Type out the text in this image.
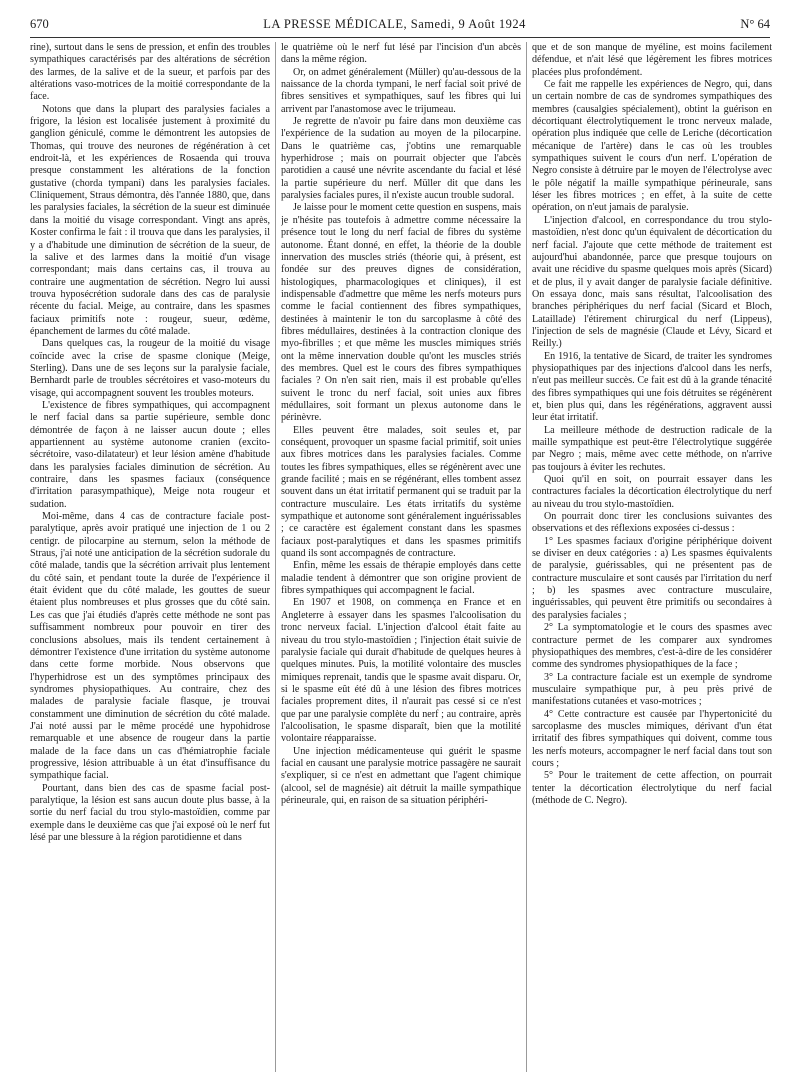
670	LA PRESSE MÉDICALE, Samedi, 9 Août 1924	N° 64

rine), surtout dans le sens de pression, et enfin des troubles sympathiques caractérisés par des altérations de sécrétion des larmes, de la salive et de la sueur, et parfois par des altérations vaso-motrices de la moitié correspondante de la face.

Notons que dans la plupart des paralysies faciales a frigore, la lésion est localisée justement à proximité du ganglion géniculé, comme le démontrent les autopsies de Thomas, qui trouve des neurones de régénération à cet endroit-là, et les expériences de Rosaenda qui trouva presque constamment les altérations de la fonction gustative (chorda tympani) dans les paralysies faciales. Cliniquement, Straus démontra, dès l'année 1880, que, dans les paralysies faciales, la sécrétion de la sueur est diminuée dans la moitié du visage correspondant. Vingt ans après, Koster confirma le fait : il trouva que dans les paralysies, il y a d'habitude une diminution de sécrétion de la sueur, de la salive et des larmes dans la moitié d'un visage correspondant; mais dans certains cas, il trouva au contraire une augmentation de sécrétion. Negro lui aussi trouva hyposécrétion sudorale dans des cas de paralysie récente du facial. Meige, au contraire, dans les spasmes faciaux primitifs note : rougeur, sueur, œdème, épanchement de larmes du côté malade.

Dans quelques cas, la rougeur de la moitié du visage coïncide avec la crise de spasme clonique (Meige, Sterling). Dans une de ses leçons sur la paralysie faciale, Bernhardt parle de troubles sécrétoires et vaso-moteurs du visage, qui accompagnent souvent les troubles moteurs.

L'existence de fibres sympathiques, qui accompagnent le nerf facial dans sa partie supérieure, semble donc démontrée de façon à ne laisser aucun doute ; elles appartiennent au système autonome cranien (excito-sécrétoire, vaso-dilatateur) et leur lésion amène d'habitude dans les paralysies faciales diminution de sécrétion. Au contraire, dans les spasmes faciaux (conséquence d'irritation parasympathique), Meige nota rougeur et sudation.

Moi-même, dans 4 cas de contracture faciale post-paralytique, après avoir pratiqué une injection de 1 ou 2 centigr. de pilocarpine au sternum, selon la méthode de Straus, j'ai noté une anticipation de la sécrétion sudorale du côté malade, tandis que la sécrétion arrivait plus lentement du côté sain, et pendant toute la durée de l'expérience il était évident que du côté malade, les gouttes de sueur étaient plus nombreuses et plus grosses que du côté sain. Les cas que j'ai étudiés d'après cette méthode ne sont pas suffisamment nombreux pour pouvoir en tirer des conclusions absolues, mais ils tendent certainement à démontrer l'existence d'une irritation du système autonome dans cette forme morbide. Nous observons que l'hyperhidrose est un des symptômes principaux des syndromes physiopathiques. Au contraire, chez des malades de paralysie faciale flasque, je trouvai constamment une diminution de sécrétion du côté malade. J'ai noté aussi par le même procédé une hypohidrose remarquable et une absence de rougeur dans la partie malade de la face dans un cas d'hémiatrophie faciale progressive, lésion attribuable à un état d'insuffisance du sympathique facial.

Pourtant, dans bien des cas de spasme facial post-paralytique, la lésion est sans aucun doute plus basse, à la sortie du nerf facial du trou stylo-mastoïdien, comme par exemple dans le deuxième cas que j'ai exposé où le nerf fut lésé par une blessure à la région parotidienne et dans

le quatrième où le nerf fut lésé par l'incision d'un abcès dans la même région.

Or, on admet généralement (Müller) qu'au-dessous de la naissance de la chorda tympani, le nerf facial soit privé de fibres sensitives et sympathiques, sauf les fibres qui lui arrivent par l'anastomose avec le trijumeau.

Je regrette de n'avoir pu faire dans mon deuxième cas l'expérience de la sudation au moyen de la pilocarpine. Dans le quatrième cas, j'obtins une remarquable hyperhidrose ; mais on pourrait objecter que l'abcès parotidien a causé une névrite ascendante du facial et lésé la partie supérieure du nerf. Müller dit que dans les paralysies faciales pures, il n'existe aucun trouble sudoral.

Je laisse pour le moment cette question en suspens, mais je n'hésite pas toutefois à admettre comme nécessaire la présence tout le long du nerf facial de fibres du système autonome. Étant donné, en effet, la théorie de la double innervation des muscles striés (théorie qui, à présent, est fondée sur des preuves dignes de considération, histologiques, pharmacologiques et cliniques), il est indispensable d'admettre que même les nerfs moteurs purs comme le facial contiennent des fibres sympathiques, destinées à maintenir le ton du sarcoplasme à côté des fibres médullaires, destinées à la contraction clonique des myo-fibrilles ; et que même les muscles mimiques striés ont la même innervation double qu'ont les muscles striés des membres. Quel est le cours des fibres sympathiques faciales ? On n'en sait rien, mais il est probable qu'elles suivent le tronc du nerf facial, soit unies aux fibres médullaires, soit formant un plexus autonome dans le périnèvre.

Elles peuvent être malades, soit seules et, par conséquent, provoquer un spasme facial primitif, soit unies aux fibres motrices dans les paralysies faciales. Comme toutes les fibres sympathiques, elles se régénèrent avec une grande facilité ; mais en se régénérant, elles tombent assez souvent dans un état irritatif permanent qui se traduit par la contracture musculaire. Les états irritatifs du système sympathique et autonome sont généralement inguérissables ; ce caractère est également constant dans les spasmes faciaux post-paralytiques et dans les spasmes primitifs quand ils sont accompagnés de contracture.

Enfin, même les essais de thérapie employés dans cette maladie tendent à démontrer que son origine provient de fibres sympathiques qui accompagnent le facial.

En 1907 et 1908, on commença en France et en Angleterre à essayer dans les spasmes l'alcoolisation du tronc nerveux facial. L'injection d'alcool était faite au niveau du trou stylo-mastoïdien ; l'injection était suivie de paralysie faciale qui durait d'habitude de quelques heures à quelques minutes. Puis, la motilité volontaire des muscles mimiques reprenait, tandis que le spasme avait disparu. Or, si le spasme eût été dû à une lésion des fibres motrices faciales proprement dites, il n'aurait pas cessé si ce n'est que par une paralysie complète du nerf ; au contraire, après l'alcoolisation, le spasme disparaît, bien que la motilité volontaire réapparaisse.

Une injection médicamenteuse qui guérit le spasme facial en causant une paralysie motrice passagère ne saurait s'expliquer, si ce n'est en admettant que l'agent chimique (alcool, sel de magnésie) ait détruit la maille sympathique périneurale, qui, en raison de sa situation périphéri-

que et de son manque de myéline, est moins facilement défendue, et n'ait lésé que légèrement les fibres motrices placées plus profondément.

Ce fait me rappelle les expériences de Negro, qui, dans un certain nombre de cas de syndromes sympathiques des membres (causalgies spécialement), obtint la guérison en décortiquant électrolytiquement le tronc nerveux malade, opération plus indiquée que celle de Leriche (décortication mécanique de l'artère) dans le cas où les troubles sympathiques suivent le cours d'un nerf. L'opération de Negro consiste à détruire par le moyen de l'électrolyse avec le pôle négatif la maille sympathique périneurale, sans léser les fibres motrices ; en effet, à la suite de cette opération, on n'eut jamais de paralysie.

L'injection d'alcool, en correspondance du trou stylo-mastoïdien, n'est donc qu'un équivalent de décortication du nerf facial. J'ajoute que cette méthode de traitement est aujourd'hui abandonnée, parce que presque toujours on avait une récidive du spasme quelques mois après (Sicard) et de plus, il y avait danger de paralysie faciale définitive. On essaya donc, mais sans résultat, l'alcoolisation des branches périphériques du nerf facial (Sicard et Bloch, Lataillade) l'étirement chirurgical du nerf (Lippeus), l'injection de sels de magnésie (Claude et Lévy, Sicard et Reilly.)

En 1916, la tentative de Sicard, de traiter les syndromes physiopathiques par des injections d'alcool dans les nerfs, n'eut pas meilleur succès. Ce fait est dû à la grande ténacité des fibres sympathiques qui une fois détruites se régénèrent et, bien plus qui, dans les régénérations, aggravent aussi leur état irritatif.

La meilleure méthode de destruction radicale de la maille sympathique est peut-être l'électrolytique suggérée par Negro ; mais, même avec cette méthode, on n'arrive pas toujours à éviter les rechutes.

Quoi qu'il en soit, on pourrait essayer dans les contractures faciales la décortication électrolytique du nerf au niveau du trou stylo-mastoïdien.

On pourrait donc tirer les conclusions suivantes des observations et des réflexions exposées ci-dessus :

1° Les spasmes faciaux d'origine périphérique doivent se diviser en deux catégories : a) Les spasmes équivalents de paralysie, guérissables, qui ne présentent pas de contracture musculaire et sont causés par l'irritation du nerf ; b) les spasmes avec contracture musculaire, inguérissables, qui peuvent être primitifs ou secondaires à des paralysies faciales ;

2° La symptomatologie et le cours des spasmes avec contracture permet de les comparer aux syndromes physiopathiques des membres, c'est-à-dire de les considérer comme des syndromes physiopathiques de la face ;

3° La contracture faciale est un exemple de syndrome musculaire sympathique pur, à peu près privé de manifestations cutanées et vaso-motrices ;

4° Cette contracture est causée par l'hypertonicité du sarcoplasme des muscles mimiques, dérivant d'un état irritatif des fibres sympathiques qui doivent, comme tous les nerfs moteurs, accompagner le nerf facial dans tout son cours ;

5° Pour le traitement de cette affection, on pourrait tenter la décortication électrolytique du nerf facial (méthode de C. Negro).
